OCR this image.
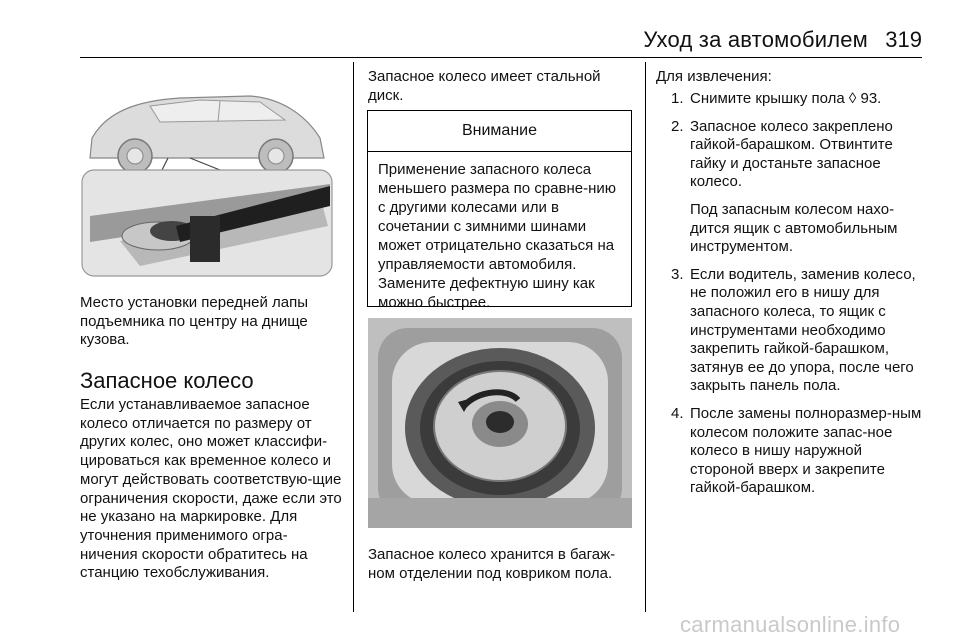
Уход за автомобилем 319
Место установки передней лапы подъемника по центру на днище кузова.
Запасное колесо
Если устанавливаемое запасное колесо отличается по размеру от других колес, оно может классифи-цироваться как временное колесо и могут действовать соответствую-щие ограничения скорости, даже если это не указано на маркировке. Для уточнения применимого огра-ничения скорости обратитесь на станцию техобслуживания.
Запасное колесо имеет стальной диск.
Внимание
Применение запасного колеса меньшего размера по сравне-нию с другими колесами или в сочетании с зимними шинами может отрицательно сказаться на управляемости автомобиля. Замените дефектную шину как можно быстрее.
Запасное колесо хранится в багаж-ном отделении под ковриком пола.
Для извлечения:
1. Снимите крышку пола ◊ 93.

2. Запасное колесо закреплено гайкой-барашком. Отвинтите гайку и достаньте запасное колесо.

Под запасным колесом нахо-дится ящик с автомобильным инструментом.

3. Если водитель, заменив колесо, не положил его в нишу для запасного колеса, то ящик с инструментами необходимо закрепить гайкой-барашком, затянув ее до упора, после чего закрыть панель пола.

4. После замены полноразмер-ным колесом положите запас-ное колесо в нишу наружной стороной вверх и закрепите гайкой-барашком.

carmanualsonline.info
